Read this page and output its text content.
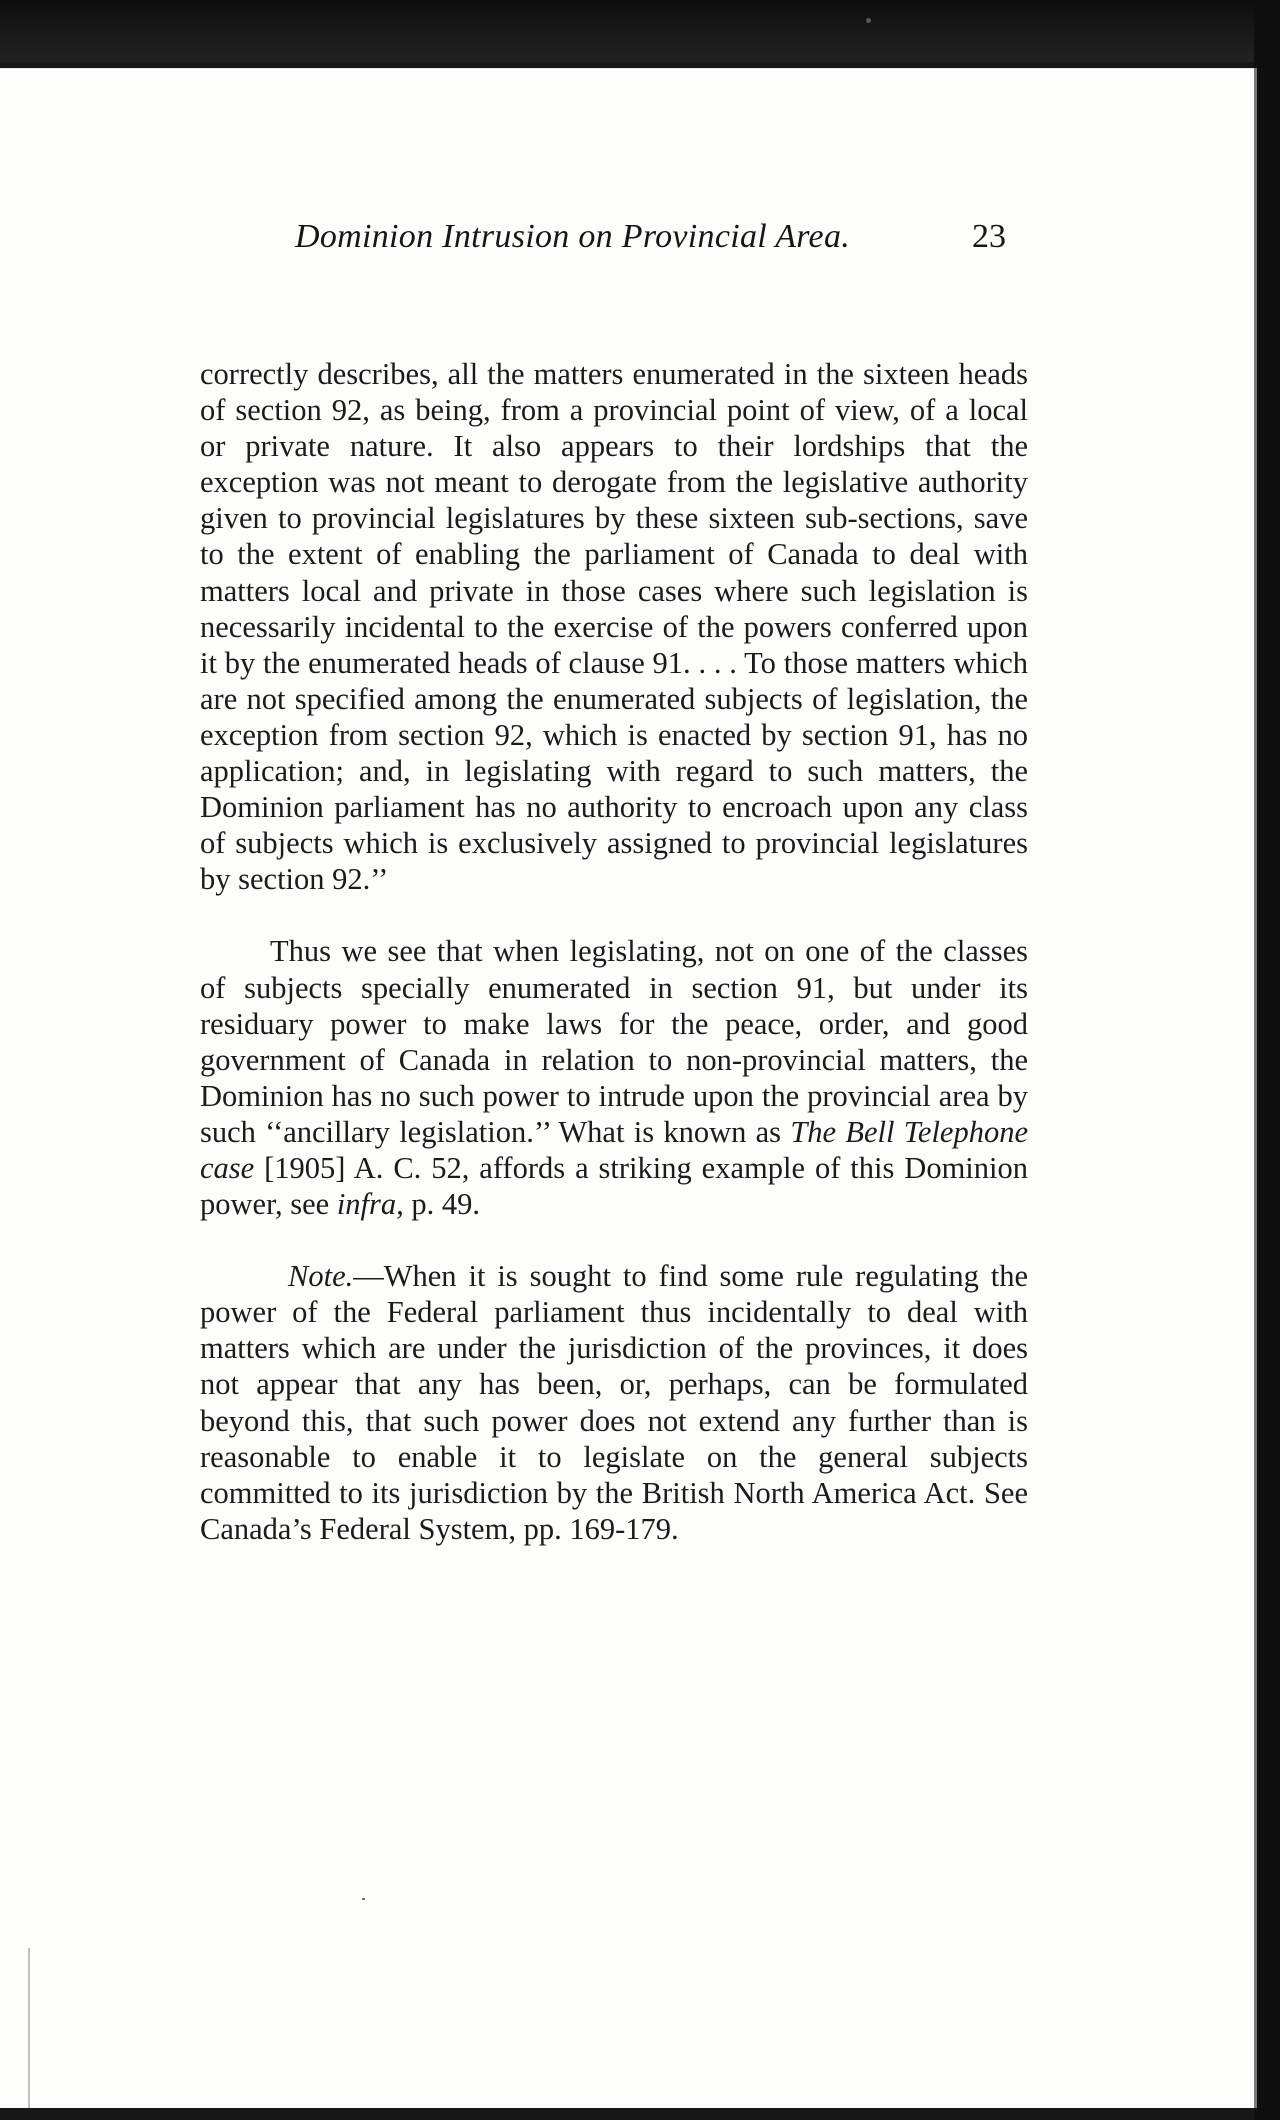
Dominion Intrusion on Provincial Area.	23

correctly describes, all the matters enumerated in the sixteen heads of section 92, as being, from a provincial point of view, of a local or private nature. It also appears to their lordships that the exception was not meant to derogate from the legislative authority given to provincial legislatures by these sixteen sub-sections, save to the extent of enabling the parliament of Canada to deal with matters local and private in those cases where such legislation is necessarily incidental to the exercise of the powers conferred upon it by the enumerated heads of clause 91. . . . To those matters which are not specified among the enumerated subjects of legislation, the exception from section 92, which is enacted by section 91, has no application; and, in legislating with regard to such matters, the Dominion parliament has no authority to encroach upon any class of subjects which is exclusively assigned to provincial legislatures by section 92.’’

Thus we see that when legislating, not on one of the classes of subjects specially enumerated in section 91, but under its residuary power to make laws for the peace, order, and good government of Canada in relation to non-provincial matters, the Dominion has no such power to intrude upon the provincial area by such ‘‘ancillary legislation.’’ What is known as The Bell Telephone case [1905] A. C. 52, affords a striking example of this Dominion power, see infra, p. 49.

Note.—When it is sought to find some rule regulating the power of the Federal parliament thus incidentally to deal with matters which are under the jurisdiction of the provinces, it does not appear that any has been, or, perhaps, can be formulated beyond this, that such power does not extend any further than is reasonable to enable it to legislate on the general subjects committed to its jurisdiction by the British North America Act. See Canada’s Federal System, pp. 169-179.
